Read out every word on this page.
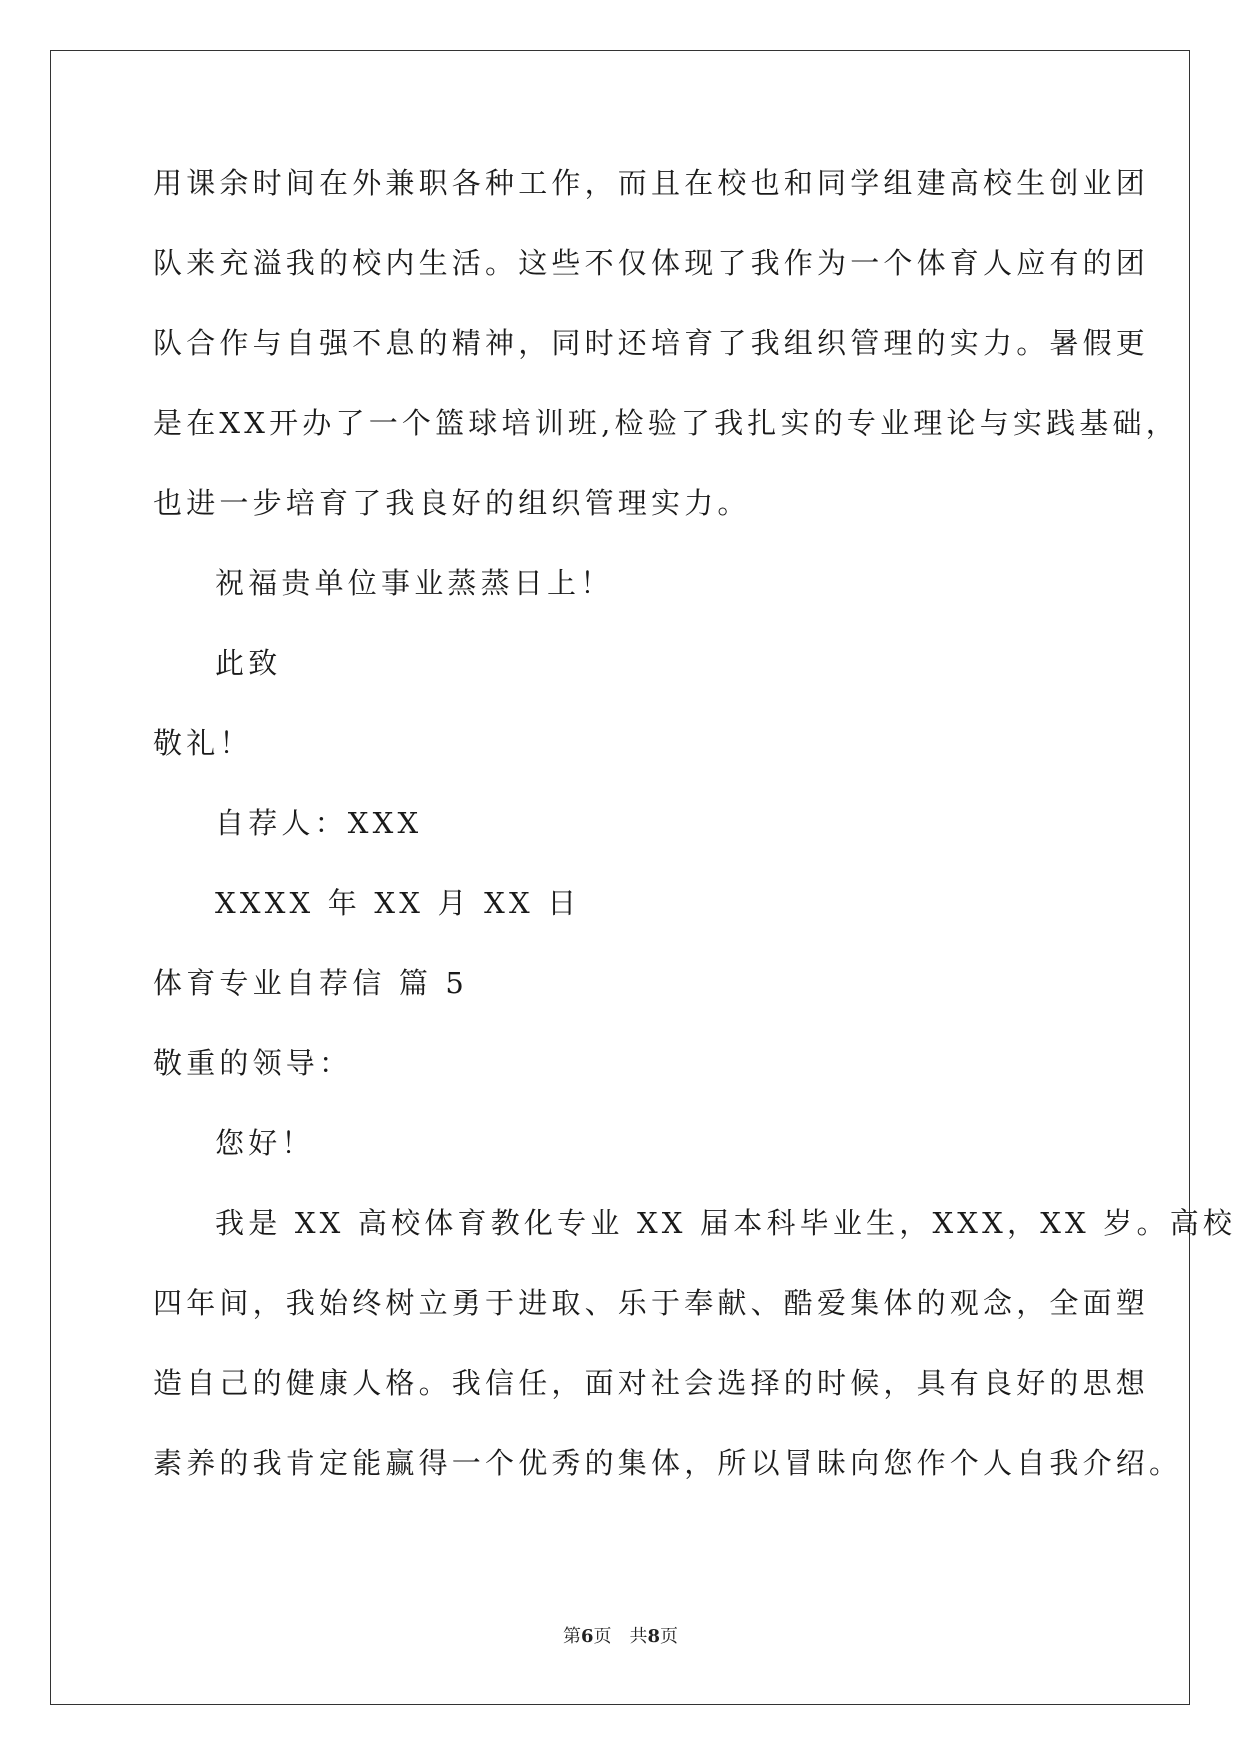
用课余时间在外兼职各种工作，而且在校也和同学组建高校生创业团
队来充溢我的校内生活。这些不仅体现了我作为一个体育人应有的团
队合作与自强不息的精神，同时还培育了我组织管理的实力。暑假更
是在XX开办了一个篮球培训班,检验了我扎实的专业理论与实践基础，
也进一步培育了我良好的组织管理实力。
祝福贵单位事业蒸蒸日上！
此致
敬礼！
自荐人：XXX
XXXX 年 XX 月 XX 日
体育专业自荐信 篇 5
敬重的领导：
您好！
我是 XX 高校体育教化专业 XX 届本科毕业生，XXX，XX 岁。高校
四年间，我始终树立勇于进取、乐于奉献、酷爱集体的观念，全面塑
造自己的健康人格。我信任，面对社会选择的时候，具有良好的思想
素养的我肯定能赢得一个优秀的集体，所以冒昧向您作个人自我介绍。
第6页 共8页
